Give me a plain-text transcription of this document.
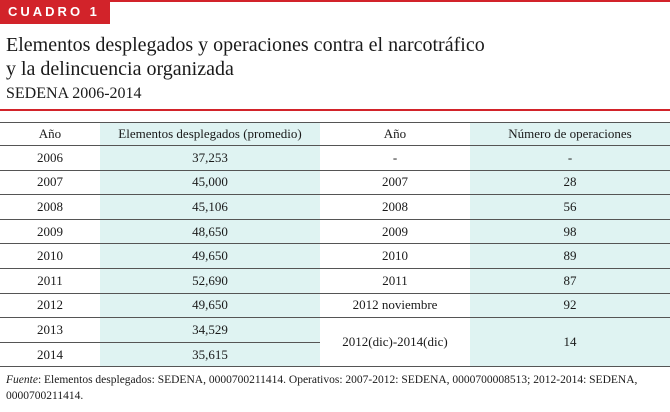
CUADRO 1
Elementos desplegados y operaciones contra el narcotráfico
y la delincuencia organizada
SEDENA 2006-2014
Año	Elementos desplegados (promedio)	Año	Número de operaciones
2006	37,253	-	-
2007	45,000	2007	28
2008	45,106	2008	56
2009	48,650	2009	98
2010	49,650	2010	89
2011	52,690	2011	87
2012	49,650	2012 noviembre	92
2013	34,529	2012(dic)-2014(dic)	14
2014	35,615		
Fuente: Elementos desplegados: SEDENA, 0000700211414. Operativos: 2007-2012: SEDENA, 0000700008513; 2012-2014: SEDENA, 0000700211414.
